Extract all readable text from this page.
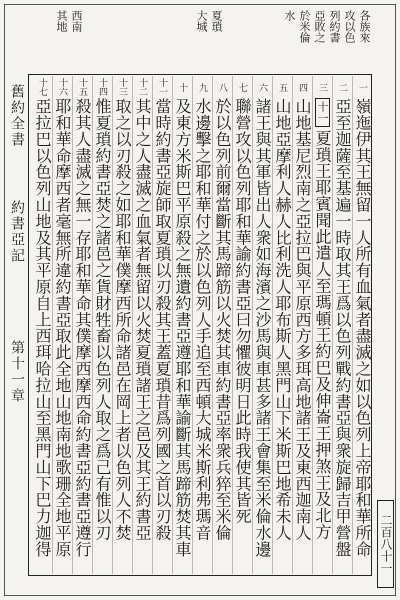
各族來
攻以色
列約書
亞敗之
於米倫
水
夏瑣
大城
西南
其地
一
嶺迤伊其王無留一人所有血氣者盡滅之如以色列上帝耶和華所命
二
亞至迦薩至基遍一時取其王爲以色列戰約書亞與衆旋歸吉甲營盤
三
十一夏瑣王耶賓聞此遣人至瑪頓王約巴及伸崙王押煞王及北方
四
山地基尼烈南之亞拉巴與平原西方多珥高地諸王及東西迦南人
五
山地亞摩利人赫人比利洗人耶布斯人黑門山下米斯巴地希未人
六
諸王與其軍皆出人衆如海濱之沙馬與車甚多諸王會集至米倫水邊
七
聯營攻以色列耶和華諭約書亞曰勿懼彼明日此時我使其皆死
八
於以色列前爾當斷其馬蹄筋以火焚其車約書亞率衆兵猝至米倫
九
水邊擊之耶和華付之於以色列人手追至西頓大城米斯利弗瑪音
十
及東方米斯巴平原殺之無遺約書亞遵耶和華諭斷其馬蹄筋焚其車
十一
當時約書亞旋師取夏瑣以刃殺其王蓋夏瑣昔爲列國之首以刃殺
十二
其中之人盡滅之血氣者無留以火焚夏瑣諸王之邑及其王約書亞
十三
取之以刃殺之如耶和華僕摩西所命諸邑在岡上者以色列人不焚
十四
惟夏瑣約書亞焚之諸邑之貨財牲畜以色列人取之爲己有惟以刃
十五
殺其人盡滅之無一存耶和華命其僕摩西摩西命約書亞約書亞遵行
十六
耶和華命摩西者毫無所違約書亞取此全地山地南地歌珊全地平原
十七
亞拉巴以色列山地及其平原自上西珥哈拉山至黑門山下巴力迦得
舊約全書
約書亞記
第十一章
二百八十一
